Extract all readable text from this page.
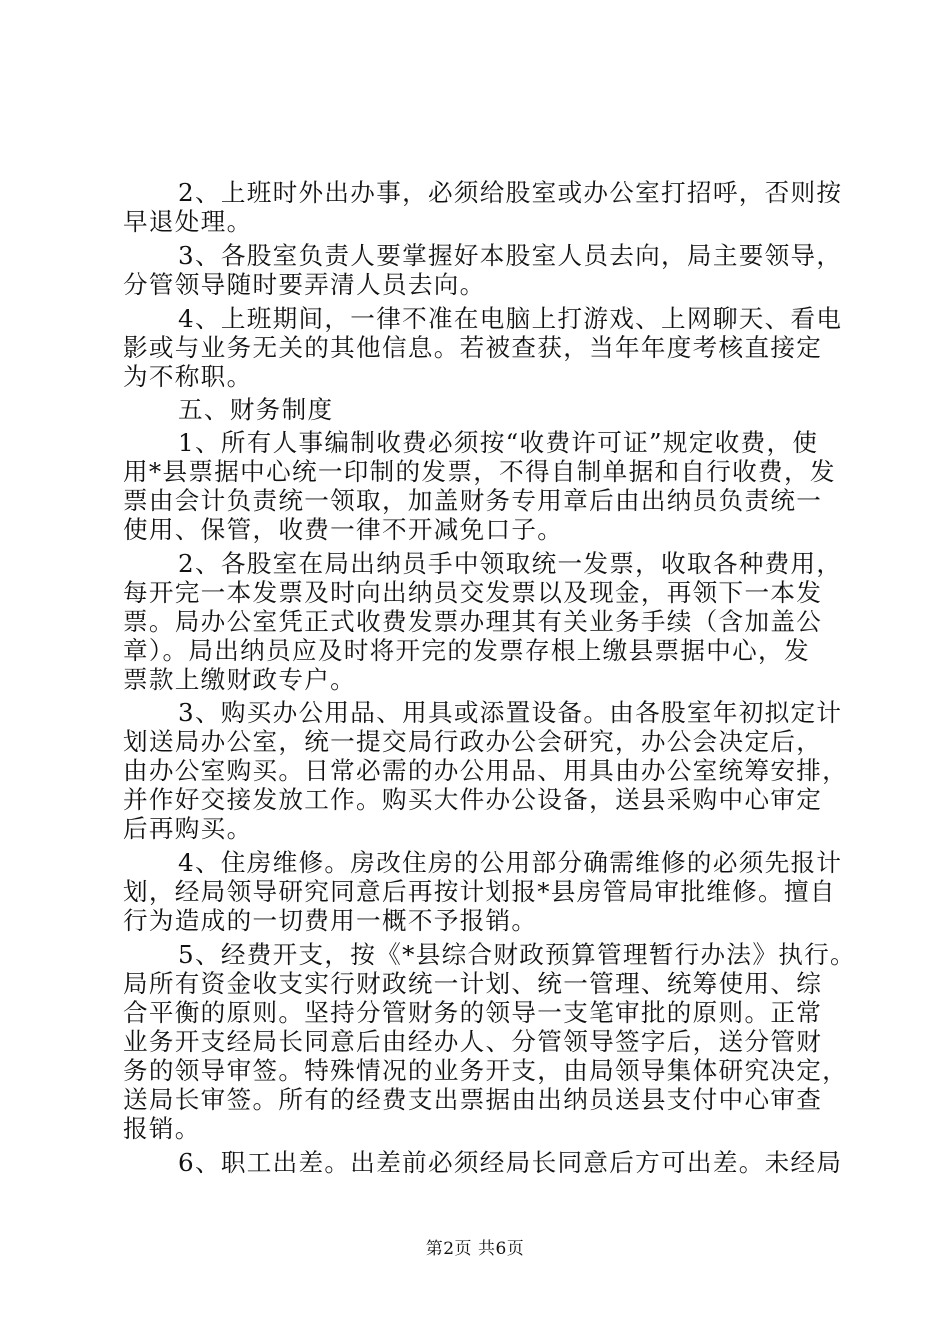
2、上班时外出办事，必须给股室或办公室打招呼，否则按
早退处理。
3、各股室负责人要掌握好本股室人员去向，局主要领导，
分管领导随时要弄清人员去向。
4、上班期间，一律不准在电脑上打游戏、上网聊天、看电
影或与业务无关的其他信息。若被查获，当年年度考核直接定
为不称职。
五、财务制度
1、所有人事编制收费必须按“收费许可证”规定收费，使
用*县票据中心统一印制的发票，不得自制单据和自行收费，发
票由会计负责统一领取，加盖财务专用章后由出纳员负责统一
使用、保管，收费一律不开减免口子。
2、各股室在局出纳员手中领取统一发票，收取各种费用，
每开完一本发票及时向出纳员交发票以及现金，再领下一本发
票。局办公室凭正式收费发票办理其有关业务手续（含加盖公
章）。局出纳员应及时将开完的发票存根上缴县票据中心，发
票款上缴财政专户。
3、购买办公用品、用具或添置设备。由各股室年初拟定计
划送局办公室，统一提交局行政办公会研究，办公会决定后，
由办公室购买。日常必需的办公用品、用具由办公室统筹安排，
并作好交接发放工作。购买大件办公设备，送县采购中心审定
后再购买。
4、住房维修。房改住房的公用部分确需维修的必须先报计
划，经局领导研究同意后再按计划报*县房管局审批维修。擅自
行为造成的一切费用一概不予报销。
5、经费开支，按《*县综合财政预算管理暂行办法》执行。
局所有资金收支实行财政统一计划、统一管理、统筹使用、综
合平衡的原则。坚持分管财务的领导一支笔审批的原则。正常
业务开支经局长同意后由经办人、分管领导签字后，送分管财
务的领导审签。特殊情况的业务开支，由局领导集体研究决定，
送局长审签。所有的经费支出票据由出纳员送县支付中心审查
报销。
6、职工出差。出差前必须经局长同意后方可出差。未经局
第2页 共6页
